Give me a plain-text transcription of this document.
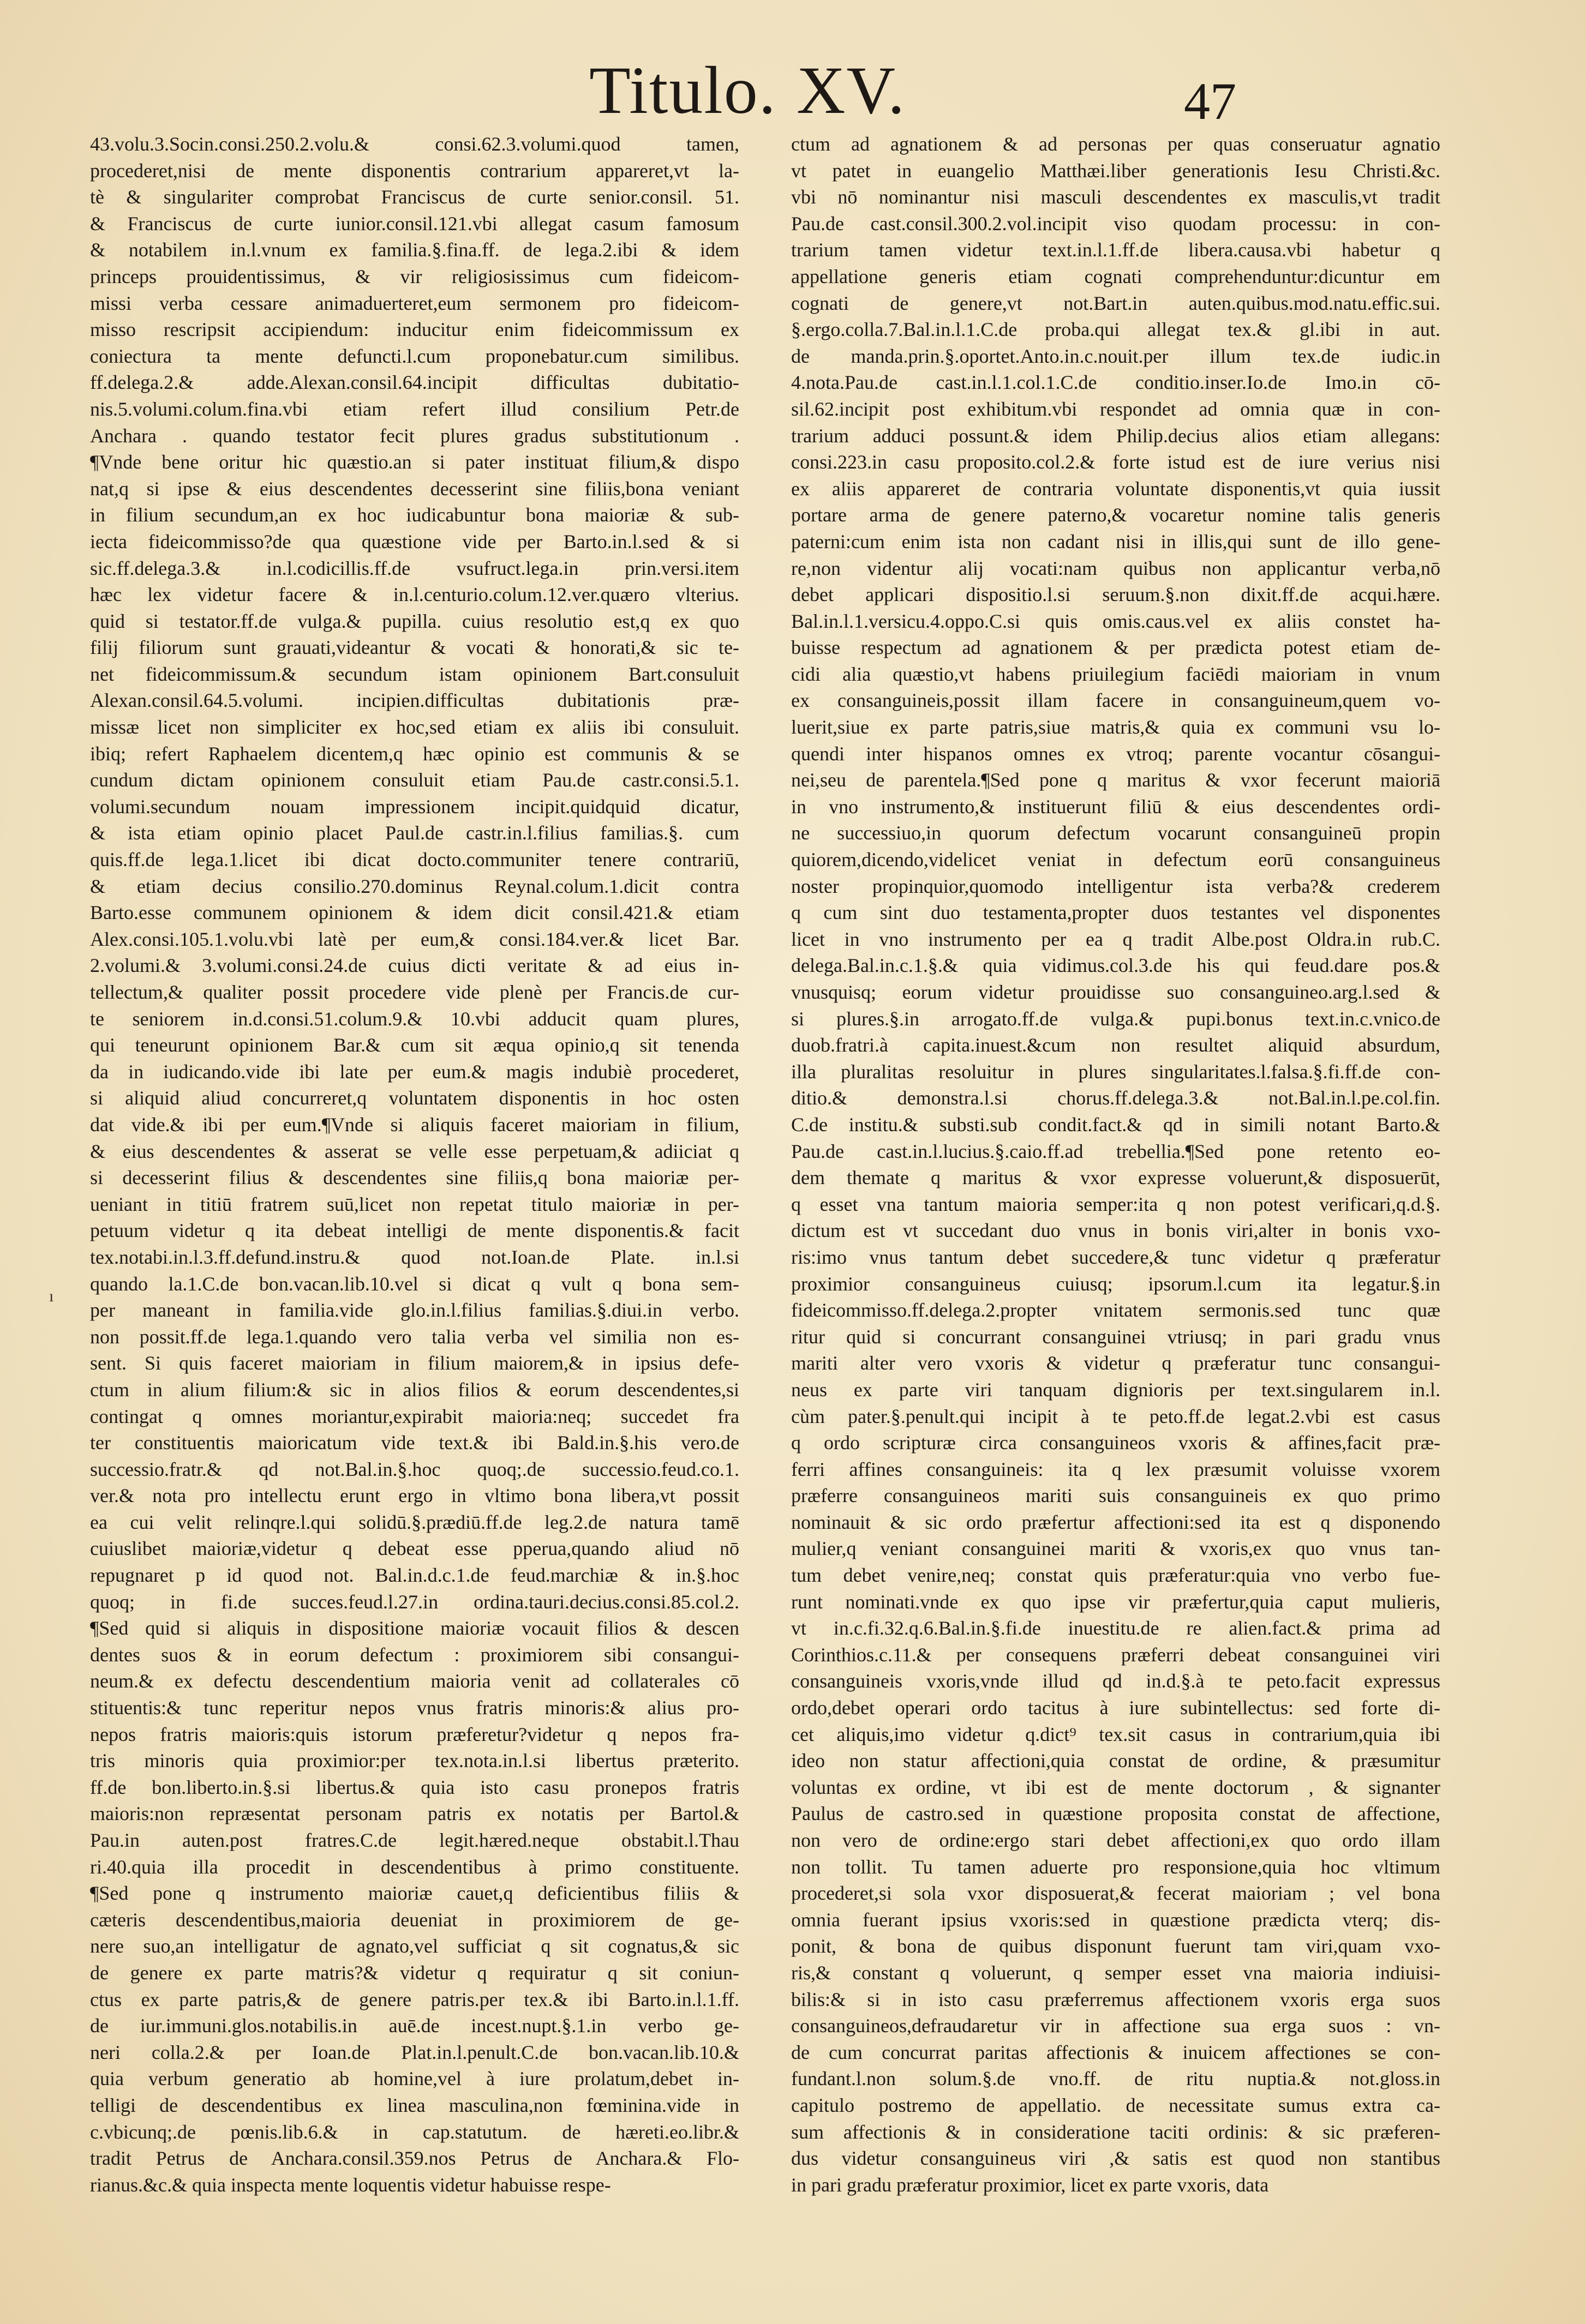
Titulo. XV.	47
ı
43.volu.3.Socin.consi.250.2.volu.& consi.62.3.volumi.quod tamen,
procederet,nisi de mente disponentis contrarium appareret,vt la-
tè & singulariter comprobat Franciscus de curte senior.consil. 51.
& Franciscus de curte iunior.consil.121.vbi allegat casum famosum
& notabilem in.l.vnum ex familia.§.fina.ff. de lega.2.ibi & idem
princeps prouidentissimus, & vir religiosissimus cum fideicom-
missi verba cessare animaduerteret,eum sermonem pro fideicom-
misso rescripsit accipiendum: inducitur enim fideicommissum ex
coniectura ta mente defuncti.l.cum proponebatur.cum similibus.
ff.delega.2.& adde.Alexan.consil.64.incipit difficultas dubitatio-
nis.5.volumi.colum.fina.vbi etiam refert illud consilium Petr.de
Anchara . quando testator fecit plures gradus substitutionum .
¶Vnde bene oritur hic quæstio.an si pater instituat filium,& dispo
nat,q si ipse & eius descendentes decesserint sine filiis,bona veniant
in filium secundum,an ex hoc iudicabuntur bona maioriæ & sub-
iecta fideicommisso?de qua quæstione vide per Barto.in.l.sed & si
sic.ff.delega.3.& in.l.codicillis.ff.de vsufruct.lega.in prin.versi.item
hæc lex videtur facere & in.l.centurio.colum.12.ver.quæro vlterius.
quid si testator.ff.de vulga.& pupilla. cuius resolutio est,q ex quo
filij filiorum sunt grauati,videantur & vocati & honorati,& sic te-
net fideicommissum.& secundum istam opinionem Bart.consuluit
Alexan.consil.64.5.volumi. incipien.difficultas dubitationis præ-
missæ licet non simpliciter ex hoc,sed etiam ex aliis ibi consuluit.
ibiq; refert Raphaelem dicentem,q hæc opinio est communis & se
cundum dictam opinionem consuluit etiam Pau.de castr.consi.5.1.
volumi.secundum nouam impressionem incipit.quidquid dicatur,
& ista etiam opinio placet Paul.de castr.in.l.filius familias.§. cum
quis.ff.de lega.1.licet ibi dicat docto.communiter tenere contrariū,
& etiam decius consilio.270.dominus Reynal.colum.1.dicit contra
Barto.esse communem opinionem & idem dicit consil.421.& etiam
Alex.consi.105.1.volu.vbi latè per eum,& consi.184.ver.& licet Bar.
2.volumi.& 3.volumi.consi.24.de cuius dicti veritate & ad eius in-
tellectum,& qualiter possit procedere vide plenè per Francis.de cur-
te seniorem in.d.consi.51.colum.9.& 10.vbi adducit quam plures,
qui teneurunt opinionem Bar.& cum sit æqua opinio,q sit tenenda
da in iudicando.vide ibi late per eum.& magis indubiè procederet,
si aliquid aliud concurreret,q voluntatem disponentis in hoc osten
dat vide.& ibi per eum.¶Vnde si aliquis faceret maioriam in filium,
& eius descendentes & asserat se velle esse perpetuam,& adiiciat q
si decesserint filius & descendentes sine filiis,q bona maioriæ per-
ueniant in titiū fratrem suū,licet non repetat titulo maioriæ in per-
petuum videtur q ita debeat intelligi de mente disponentis.& facit
tex.notabi.in.l.3.ff.defund.instru.& quod not.Ioan.de Plate. in.l.si
quando la.1.C.de bon.vacan.lib.10.vel si dicat q vult q bona sem-
per maneant in familia.vide glo.in.l.filius familias.§.diui.in verbo.
non possit.ff.de lega.1.quando vero talia verba vel similia non es-
sent. Si quis faceret maioriam in filium maiorem,& in ipsius defe-
ctum in alium filium:& sic in alios filios & eorum descendentes,si
contingat q omnes moriantur,expirabit maioria:neq; succedet fra
ter constituentis maioricatum vide text.& ibi Bald.in.§.his vero.de
successio.fratr.& qd not.Bal.in.§.hoc quoq;.de successio.feud.co.1.
ver.& nota pro intellectu erunt ergo in vltimo bona libera,vt possit
ea cui velit relinqre.l.qui solidū.§.prædiū.ff.de leg.2.de natura tamē
cuiuslibet maioriæ,videtur q debeat esse pperua,quando aliud nō
repugnaret p id quod not. Bal.in.d.c.1.de feud.marchiæ & in.§.hoc
quoq; in fi.de succes.feud.l.27.in ordina.tauri.decius.consi.85.col.2.
¶Sed quid si aliquis in dispositione maioriæ vocauit filios & descen
dentes suos & in eorum defectum : proximiorem sibi consangui-
neum.& ex defectu descendentium maioria venit ad collaterales cō
stituentis:& tunc reperitur nepos vnus fratris minoris:& alius pro-
nepos fratris maioris:quis istorum præferetur?videtur q nepos fra-
tris minoris quia proximior:per tex.nota.in.l.si libertus præterito.
ff.de bon.liberto.in.§.si libertus.& quia isto casu pronepos fratris
maioris:non repræsentat personam patris ex notatis per Bartol.&
Pau.in auten.post fratres.C.de legit.hæred.neque obstabit.l.Thau
ri.40.quia illa procedit in descendentibus à primo constituente.
¶Sed pone q instrumento maioriæ cauet,q deficientibus filiis &
cæteris descendentibus,maioria deueniat in proximiorem de ge-
nere suo,an intelligatur de agnato,vel sufficiat q sit cognatus,& sic
de genere ex parte matris?& videtur q requiratur q sit coniun-
ctus ex parte patris,& de genere patris.per tex.& ibi Barto.in.l.1.ff.
de iur.immuni.glos.notabilis.in auē.de incest.nupt.§.1.in verbo ge-
neri colla.2.& per Ioan.de Plat.in.l.penult.C.de bon.vacan.lib.10.&
quia verbum generatio ab homine,vel à iure prolatum,debet in-
telligi de descendentibus ex linea masculina,non fœminina.vide in
c.vbicunq;.de pœnis.lib.6.& in cap.statutum. de hæreti.eo.libr.&
tradit Petrus de Anchara.consil.359.nos Petrus de Anchara.& Flo-
rianus.&c.& quia inspecta mente loquentis videtur habuisse respe-
ctum ad agnationem & ad personas per quas conseruatur agnatio
vt patet in euangelio Matthæi.liber generationis Iesu Christi.&c.
vbi nō nominantur nisi masculi descendentes ex masculis,vt tradit
Pau.de cast.consil.300.2.vol.incipit viso quodam processu: in con-
trarium tamen videtur text.in.l.1.ff.de libera.causa.vbi habetur q
appellatione generis etiam cognati comprehenduntur:dicuntur em
cognati de genere,vt not.Bart.in auten.quibus.mod.natu.effic.sui.
§.ergo.colla.7.Bal.in.l.1.C.de proba.qui allegat tex.& gl.ibi in aut.
de manda.prin.§.oportet.Anto.in.c.nouit.per illum tex.de iudic.in
4.nota.Pau.de cast.in.l.1.col.1.C.de conditio.inser.Io.de Imo.in cō-
sil.62.incipit post exhibitum.vbi respondet ad omnia quæ in con-
trarium adduci possunt.& idem Philip.decius alios etiam allegans:
consi.223.in casu proposito.col.2.& forte istud est de iure verius nisi
ex aliis appareret de contraria voluntate disponentis,vt quia iussit
portare arma de genere paterno,& vocaretur nomine talis generis
paterni:cum enim ista non cadant nisi in illis,qui sunt de illo gene-
re,non videntur alij vocati:nam quibus non applicantur verba,nō
debet applicari dispositio.l.si seruum.§.non dixit.ff.de acqui.hære.
Bal.in.l.1.versicu.4.oppo.C.si quis omis.caus.vel ex aliis constet ha-
buisse respectum ad agnationem & per prædicta potest etiam de-
cidi alia quæstio,vt habens priuilegium faciēdi maioriam in vnum
ex consanguineis,possit illam facere in consanguineum,quem vo-
luerit,siue ex parte patris,siue matris,& quia ex communi vsu lo-
quendi inter hispanos omnes ex vtroq; parente vocantur cōsangui-
nei,seu de parentela.¶Sed pone q maritus & vxor fecerunt maioriā
in vno instrumento,& instituerunt filiū & eius descendentes ordi-
ne successiuo,in quorum defectum vocarunt consanguineū propin
quiorem,dicendo,videlicet veniat in defectum eorū consanguineus
noster propinquior,quomodo intelligentur ista verba?& crederem
q cum sint duo testamenta,propter duos testantes vel disponentes
licet in vno instrumento per ea q tradit Albe.post Oldra.in rub.C.
delega.Bal.in.c.1.§.& quia vidimus.col.3.de his qui feud.dare pos.&
vnusquisq; eorum videtur prouidisse suo consanguineo.arg.l.sed &
si plures.§.in arrogato.ff.de vulga.& pupi.bonus text.in.c.vnico.de
duob.fratri.à capita.inuest.&cum non resultet aliquid absurdum,
illa pluralitas resoluitur in plures singularitates.l.falsa.§.fi.ff.de con-
ditio.& demonstra.l.si chorus.ff.delega.3.& not.Bal.in.l.pe.col.fin.
C.de institu.& substi.sub condit.fact.& qd in simili notant Barto.&
Pau.de cast.in.l.lucius.§.caio.ff.ad trebellia.¶Sed pone retento eo-
dem themate q maritus & vxor expresse voluerunt,& disposuerūt,
q esset vna tantum maioria semper:ita q non potest verificari,q.d.§.
dictum est vt succedant duo vnus in bonis viri,alter in bonis vxo-
ris:imo vnus tantum debet succedere,& tunc videtur q præferatur
proximior consanguineus cuiusq; ipsorum.l.cum ita legatur.§.in
fideicommisso.ff.delega.2.propter vnitatem sermonis.sed tunc quæ
ritur quid si concurrant consanguinei vtriusq; in pari gradu vnus
mariti alter vero vxoris & videtur q præferatur tunc consangui-
neus ex parte viri tanquam dignioris per text.singularem in.l.
cùm pater.§.penult.qui incipit à te peto.ff.de legat.2.vbi est casus
q ordo scripturæ circa consanguineos vxoris & affines,facit præ-
ferri affines consanguineis: ita q lex præsumit voluisse vxorem
præferre consanguineos mariti suis consanguineis ex quo primo
nominauit & sic ordo præfertur affectioni:sed ita est q disponendo
mulier,q veniant consanguinei mariti & vxoris,ex quo vnus tan-
tum debet venire,neq; constat quis præferatur:quia vno verbo fue-
runt nominati.vnde ex quo ipse vir præfertur,quia caput mulieris,
vt in.c.fi.32.q.6.Bal.in.§.fi.de inuestitu.de re alien.fact.& prima ad
Corinthios.c.11.& per consequens præferri debeat consanguinei viri
consanguineis vxoris,vnde illud qd in.d.§.à te peto.facit expressus
ordo,debet operari ordo tacitus à iure subintellectus: sed forte di-
cet aliquis,imo videtur q.dict⁹ tex.sit casus in contrarium,quia ibi
ideo non statur affectioni,quia constat de ordine, & præsumitur
voluntas ex ordine, vt ibi est de mente doctorum , & signanter
Paulus de castro.sed in quæstione proposita constat de affectione,
non vero de ordine:ergo stari debet affectioni,ex quo ordo illam
non tollit. Tu tamen aduerte pro responsione,quia hoc vltimum
procederet,si sola vxor disposuerat,& fecerat maioriam ; vel bona
omnia fuerant ipsius vxoris:sed in quæstione prædicta vterq; dis-
ponit, & bona de quibus disponunt fuerunt tam viri,quam vxo-
ris,& constant q voluerunt, q semper esset vna maioria indiuisi-
bilis:& si in isto casu præferremus affectionem vxoris erga suos
consanguineos,defraudaretur vir in affectione sua erga suos : vn-
de cum concurrat paritas affectionis & inuicem affectiones se con-
fundant.l.non solum.§.de vno.ff. de ritu nuptia.& not.gloss.in
capitulo postremo de appellatio. de necessitate sumus extra ca-
sum affectionis & in consideratione taciti ordinis: & sic præferen-
dus videtur consanguineus viri ,& satis est quod non stantibus
in pari gradu præferatur proximior, licet ex parte vxoris, data
